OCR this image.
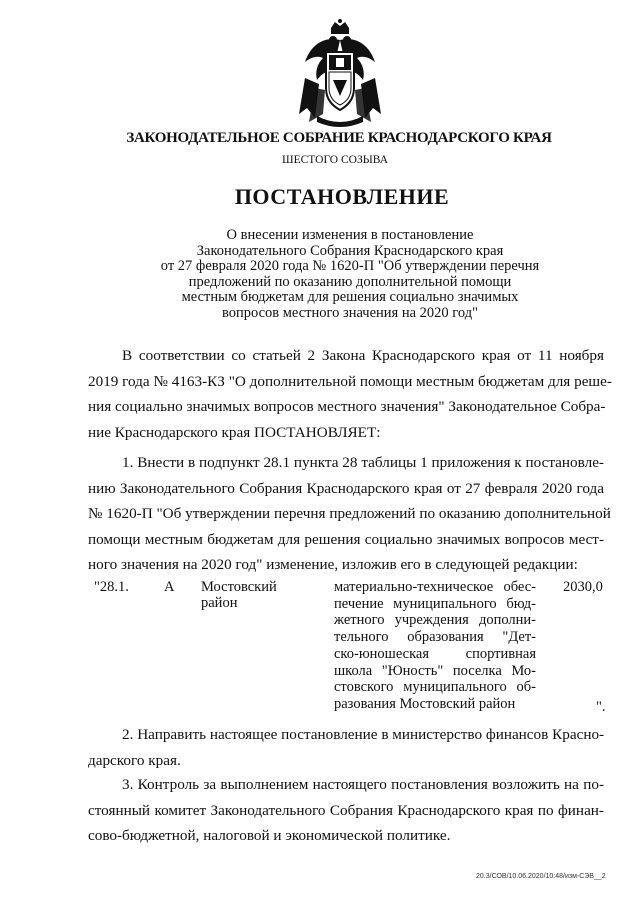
ЗАКОНОДАТЕЛЬНОЕ СОБРАНИЕ КРАСНОДАРСКОГО КРАЯ
ШЕСТОГО СОЗЫВА
ПОСТАНОВЛЕНИЕ
О внесении изменения в постановление
Законодательного Собрания Краснодарского края
от 27 февраля 2020 года № 1620-П "Об утверждении перечня
предложений по оказанию дополнительной помощи
местным бюджетам для решения социально значимых
вопросов местного значения на 2020 год"
В соответствии со статьей 2 Закона Краснодарского края от 11 ноября
2019 года № 4163-КЗ "О дополнительной помощи местным бюджетам для реше-
ния социально значимых вопросов местного значения" Законодательное Собра-
ние Краснодарского края ПОСТАНОВЛЯЕТ:
1. Внести в подпункт 28.1 пункта 28 таблицы 1 приложения к постановле-
нию Законодательного Собрания Краснодарского края от 27 февраля 2020 года
№ 1620-П "Об утверждении перечня предложений по оказанию дополнительной
помощи местным бюджетам для решения социально значимых вопросов мест-
ного значения на 2020 год" изменение, изложив его в следующей редакции:
"28.1. А Мостовский
район
материально-техническое обес-
печение муниципального бюд-
жетного учреждения дополни-
тельного образования "Дет-
ско-юношеская спортивная
школа "Юность" поселка Мо-
стовского муниципального об-
разования Мостовский район
2030,0
".
2. Направить настоящее постановление в министерство финансов Красно-
дарского края.
3. Контроль за выполнением настоящего постановления возложить на по-
стоянный комитет Законодательного Собрания Краснодарского края по финан-
сово-бюджетной, налоговой и экономической политике.
20.3/СОВ/10.06.2020/10:48/изм-СЭВ__2
